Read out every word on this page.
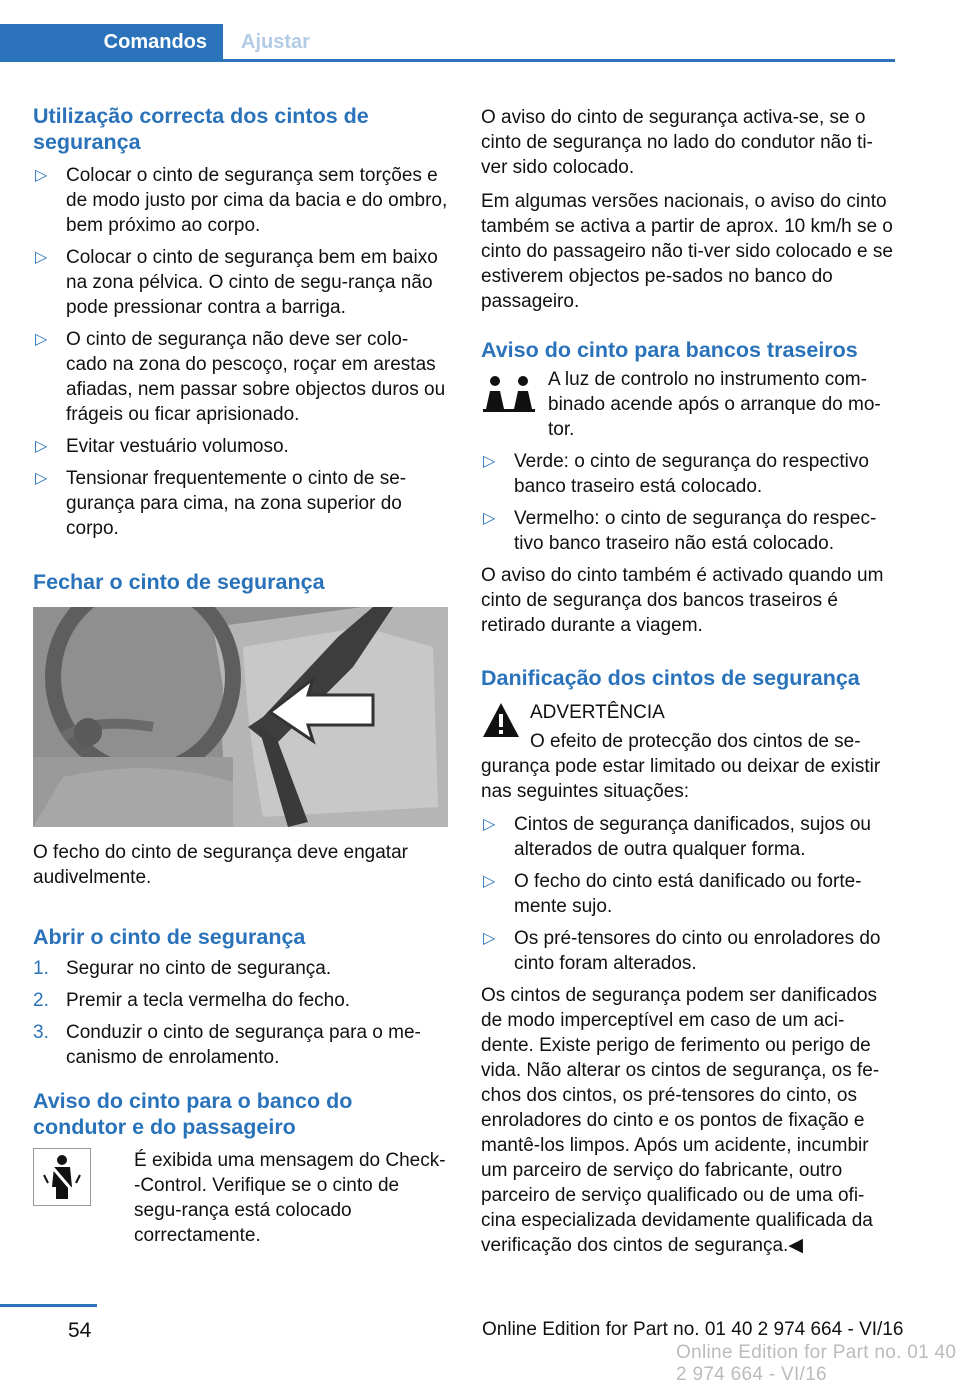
Comandos	Ajustar
Utilização correcta dos cintos de segurança
▷ Colocar o cinto de segurança sem torções e de modo justo por cima da bacia e do ombro, bem próximo ao corpo.
▷ Colocar o cinto de segurança bem em baixo na zona pélvica. O cinto de segu‐rança não pode pressionar contra a barriga.
▷ O cinto de segurança não deve ser colo‐cado na zona do pescoço, roçar em arestas afiadas, nem passar sobre objectos duros ou frágeis ou ficar aprisionado.
▷ Evitar vestuário volumoso.
▷ Tensionar frequentemente o cinto de se‐gurança para cima, na zona superior do corpo.
Fechar o cinto de segurança

O fecho do cinto de segurança deve engatar audivelmente.

Abrir o cinto de segurança
1. Segurar no cinto de segurança.
2. Premir a tecla vermelha do fecho.
3. Conduzir o cinto de segurança para o me‐canismo de enrolamento.
Aviso do cinto para o banco do condutor e do passageiro

É exibida uma mensagem do Check--Control. Verifique se o cinto de segu‐rança está colocado correctamente.

O aviso do cinto de segurança activa-se, se o cinto de segurança no lado do condutor não ti‐ver sido colocado.

Em algumas versões nacionais, o aviso do cinto também se activa a partir de aprox. 10 km/h se o cinto do passageiro não ti‐ver sido colocado e se estiverem objectos pe‐sados no banco do passageiro.

Aviso do cinto para bancos traseiros

A luz de controlo no instrumento com‐binado acende após o arranque do mo‐tor.

▷ Verde: o cinto de segurança do respectivo banco traseiro está colocado.
▷ Vermelho: o cinto de segurança do respec‐tivo banco traseiro não está colocado.

O aviso do cinto também é activado quando um cinto de segurança dos bancos traseiros é retirado durante a viagem.

Danificação dos cintos de segurança

ADVERTÊNCIA

O efeito de protecção dos cintos de se‐gurança pode estar limitado ou deixar de existir nas seguintes situações:

▷ Cintos de segurança danificados, sujos ou alterados de outra qualquer forma.
▷ O fecho do cinto está danificado ou forte‐mente sujo.
▷ Os pré-tensores do cinto ou enroladores do cinto foram alterados.

Os cintos de segurança podem ser danificados de modo imperceptível em caso de um aci‐dente. Existe perigo de ferimento ou perigo de vida. Não alterar os cintos de segurança, os fe‐chos dos cintos, os pré-tensores do cinto, os enroladores do cinto e os pontos de fixação e mantê-los limpos. Após um acidente, incumbir um parceiro de serviço do fabricante, outro parceiro de serviço qualificado ou de uma ofi‐cina especializada devidamente qualificada da verificação dos cintos de segurança.◀

54	Online Edition for Part no. 01 40 2 974 664 - VI/16
Online Edition for Part no. 01 40 2 974 664 - VI/16
